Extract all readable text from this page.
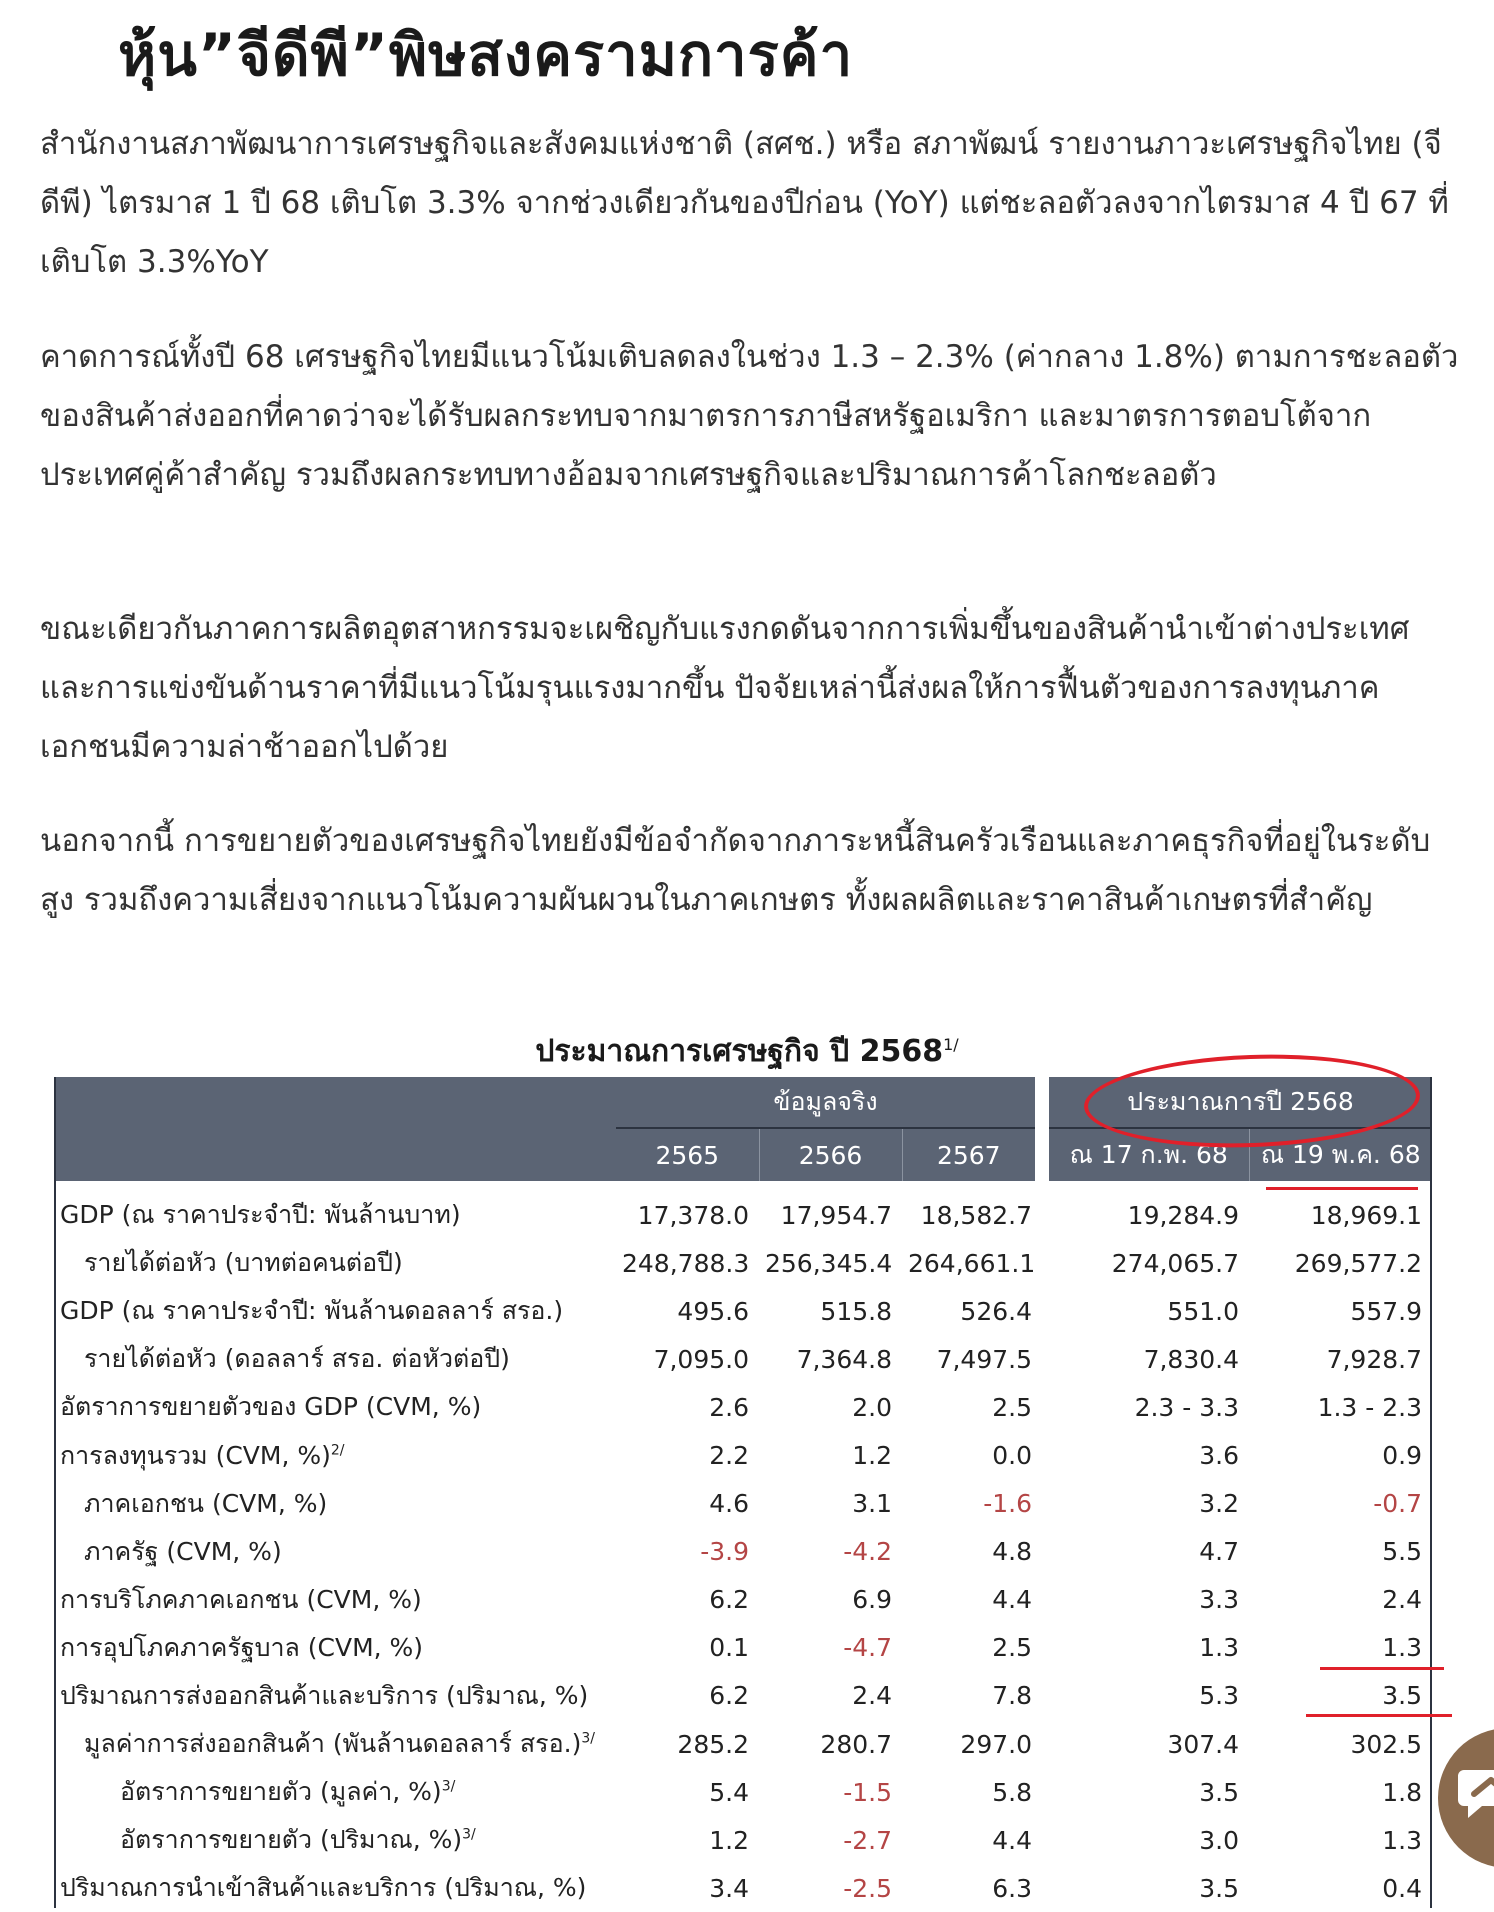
หุ้น”จีดีพี”พิษสงครามการค้า

สำนักงานสภาพัฒนาการเศรษฐกิจและสังคมแห่งชาติ (สศช.) หรือ สภาพัฒน์ รายงานภาวะเศรษฐกิจไทย (จีดีพี) ไตรมาส 1 ปี 68 เติบโต 3.3% จากช่วงเดียวกันของปีก่อน (YoY) แต่ชะลอตัวลงจากไตรมาส 4 ปี 67 ที่เติบโต 3.3%YoY

คาดการณ์ทั้งปี 68 เศรษฐกิจไทยมีแนวโน้มเติบลดลงในช่วง 1.3 – 2.3% (ค่ากลาง 1.8%) ตามการชะลอตัวของสินค้าส่งออกที่คาดว่าจะได้รับผลกระทบจากมาตรการภาษีสหรัฐอเมริกา และมาตรการตอบโต้จากประเทศคู่ค้าสำคัญ รวมถึงผลกระทบทางอ้อมจากเศรษฐกิจและปริมาณการค้าโลกชะลอตัว

ขณะเดียวกันภาคการผลิตอุตสาหกรรมจะเผชิญกับแรงกดดันจากการเพิ่มขึ้นของสินค้านำเข้าต่างประเทศและการแข่งขันด้านราคาที่มีแนวโน้มรุนแรงมากขึ้น ปัจจัยเหล่านี้ส่งผลให้การฟื้นตัวของการลงทุนภาคเอกชนมีความล่าช้าออกไปด้วย

นอกจากนี้ การขยายตัวของเศรษฐกิจไทยยังมีข้อจำกัดจากภาระหนี้สินครัวเรือนและภาคธุรกิจที่อยู่ในระดับสูง รวมถึงความเสี่ยงจากแนวโน้มความผันผวนในภาคเกษตร ทั้งผลผลิตและราคาสินค้าเกษตรที่สำคัญ

ประมาณการเศรษฐกิจ ปี $2568^{1/}$
	ข้อมูลจริง			ประมาณการปี 2568	
	2565	2566	2567	ณ 17 ก.พ. 68	ณ 19 พ.ค. 68
GDP (ณ ราคาประจำปี: พันล้านบาท)	17,378.0	17,954.7	18,582.7	19,284.9	18,969.1
รายได้ต่อหัว (บาทต่อคนต่อปี)	248,788.3	256,345.4	264,661.1	274,065.7	269,577.2
GDP (ณ ราคาประจำปี: พันล้านดอลลาร์ สรอ.)	495.6	515.8	526.4	551.0	557.9
รายได้ต่อหัว (ดอลลาร์ สรอ. ต่อหัวต่อปี)	7,095.0	7,364.8	7,497.5	7,830.4	7,928.7
อัตราการขยายตัวของ GDP (CVM, %)	2.6	2.0	2.5	2.3 - 3.3	1.3 - 2.3
การลงทุนรวม (CVM, %)$^{2/}$	2.2	1.2	0.0	3.6	0.9
ภาคเอกชน (CVM, %)	4.6	3.1	-1.6	3.2	-0.7
ภาครัฐ (CVM, %)	-3.9	-4.2	4.8	4.7	5.5
การบริโภคภาคเอกชน (CVM, %)	6.2	6.9	4.4	3.3	2.4
การอุปโภคภาครัฐบาล (CVM, %)	0.1	-4.7	2.5	1.3	1.3
ปริมาณการส่งออกสินค้าและบริการ (ปริมาณ, %)	6.2	2.4	7.8	5.3	3.5
มูลค่าการส่งออกสินค้า (พันล้านดอลลาร์ สรอ.)$^{3/}$	285.2	280.7	297.0	307.4	302.5
อัตราการขยายตัว (มูลค่า, %)$^{3/}$	5.4	-1.5	5.8	3.5	1.8
อัตราการขยายตัว (ปริมาณ, %)$^{3/}$	1.2	-2.7	4.4	3.0	1.3
ปริมาณการนำเข้าสินค้าและบริการ (ปริมาณ, %)	3.4	-2.5	6.3	3.5	0.4
